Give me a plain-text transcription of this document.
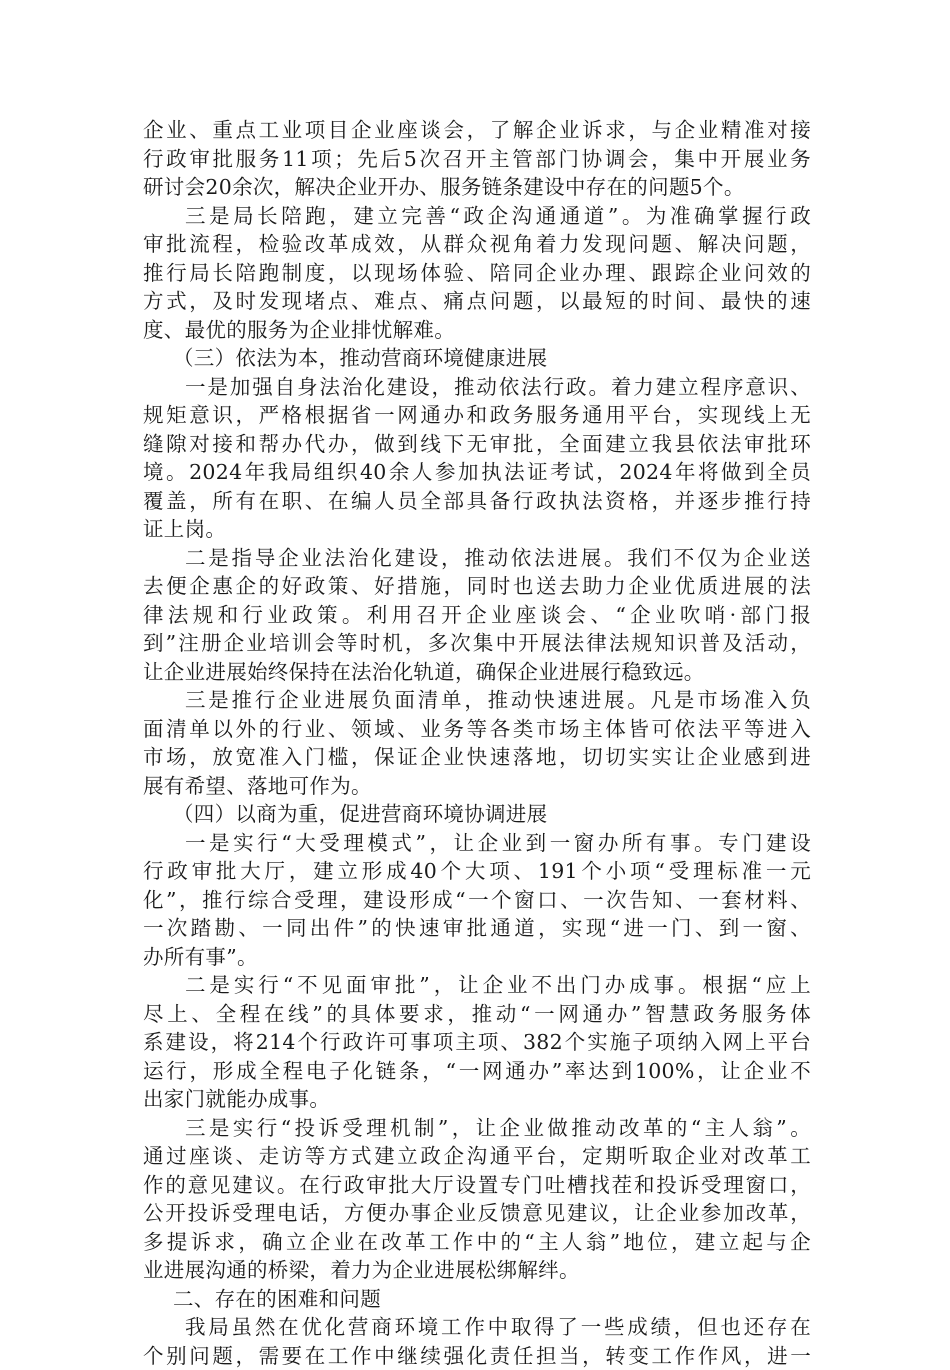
企业、重点工业项目企业座谈会，了解企业诉求，与企业精准对接
行政审批服务11项；先后5次召开主管部门协调会，集中开展业务
研讨会20余次，解决企业开办、服务链条建设中存在的问题5个。
三是局长陪跑，建立完善“政企沟通通道”。为准确掌握行政
审批流程，检验改革成效，从群众视角着力发现问题、解决问题，
推行局长陪跑制度，以现场体验、陪同企业办理、跟踪企业问效的
方式，及时发现堵点、难点、痛点问题，以最短的时间、最快的速
度、最优的服务为企业排忧解难。
（三）依法为本，推动营商环境健康进展
一是加强自身法治化建设，推动依法行政。着力建立程序意识、
规矩意识，严格根据省一网通办和政务服务通用平台，实现线上无
缝隙对接和帮办代办，做到线下无审批，全面建立我县依法审批环
境。2024年我局组织40余人参加执法证考试，2024年将做到全员
覆盖，所有在职、在编人员全部具备行政执法资格，并逐步推行持
证上岗。
二是指导企业法治化建设，推动依法进展。我们不仅为企业送
去便企惠企的好政策、好措施，同时也送去助力企业优质进展的法
律法规和行业政策。利用召开企业座谈会、“企业吹哨·部门报
到”注册企业培训会等时机，多次集中开展法律法规知识普及活动，
让企业进展始终保持在法治化轨道，确保企业进展行稳致远。
三是推行企业进展负面清单，推动快速进展。凡是市场准入负
面清单以外的行业、领域、业务等各类市场主体皆可依法平等进入
市场，放宽准入门槛，保证企业快速落地，切切实实让企业感到进
展有希望、落地可作为。
（四）以商为重，促进营商环境协调进展
一是实行“大受理模式”，让企业到一窗办所有事。专门建设
行政审批大厅，建立形成40个大项、191个小项“受理标准一元
化”，推行综合受理，建设形成“一个窗口、一次告知、一套材料、
一次踏勘、一同出件”的快速审批通道，实现“进一门、到一窗、
办所有事”。
二是实行“不见面审批”，让企业不出门办成事。根据“应上
尽上、全程在线”的具体要求，推动“一网通办”智慧政务服务体
系建设，将214个行政许可事项主项、382个实施子项纳入网上平台
运行，形成全程电子化链条，“一网通办”率达到100%，让企业不
出家门就能办成事。
三是实行“投诉受理机制”，让企业做推动改革的“主人翁”。
通过座谈、走访等方式建立政企沟通平台，定期听取企业对改革工
作的意见建议。在行政审批大厅设置专门吐槽找茬和投诉受理窗口，
公开投诉受理电话，方便办事企业反馈意见建议，让企业参加改革，
多提诉求，确立企业在改革工作中的“主人翁”地位，建立起与企
业进展沟通的桥梁，着力为企业进展松绑解绊。
二、存在的困难和问题
我局虽然在优化营商环境工作中取得了一些成绩，但也还存在
个别问题，需要在工作中继续强化责任担当，转变工作作风，进一
